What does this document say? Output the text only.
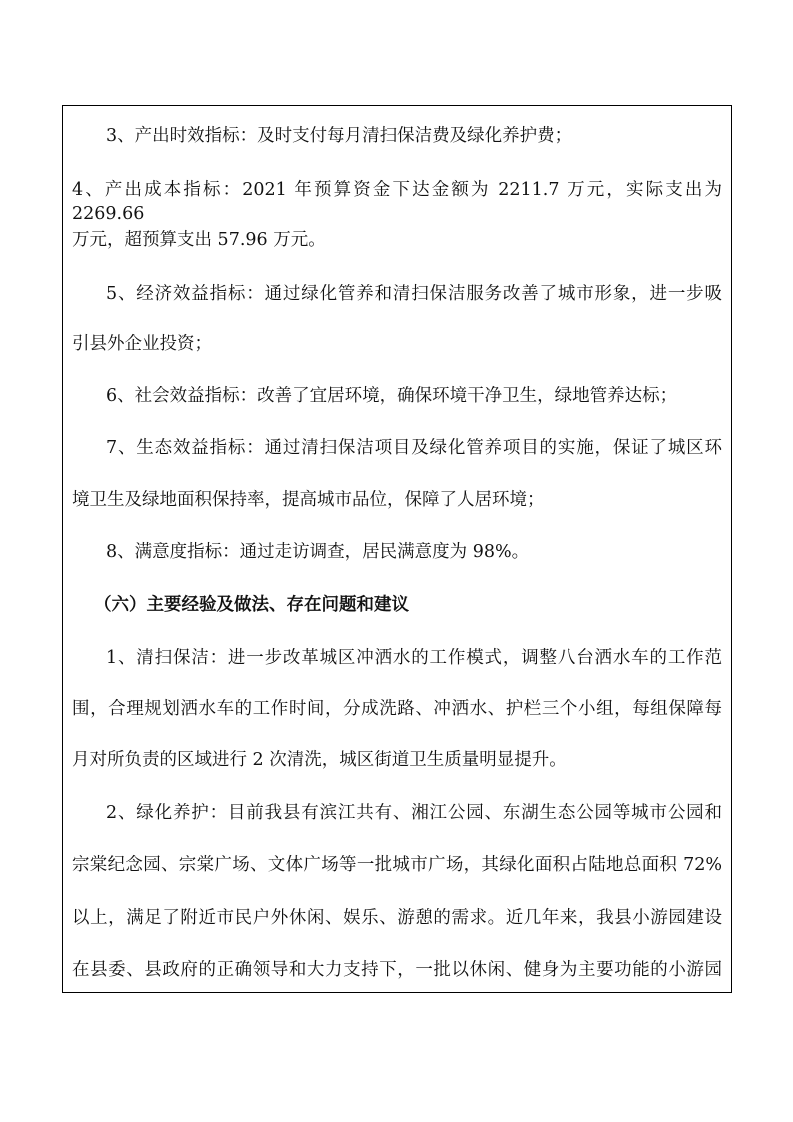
3、产出时效指标：及时支付每月清扫保洁费及绿化养护费；
4、产出成本指标：2021 年预算资金下达金额为 2211.7 万元，实际支出为 2269.66
万元，超预算支出 57.96 万元。
5、经济效益指标：通过绿化管养和清扫保洁服务改善了城市形象，进一步吸
引县外企业投资；
6、社会效益指标：改善了宜居环境，确保环境干净卫生，绿地管养达标；
7、生态效益指标：通过清扫保洁项目及绿化管养项目的实施，保证了城区环
境卫生及绿地面积保持率，提高城市品位，保障了人居环境；
8、满意度指标：通过走访调查，居民满意度为 98%。
（六）主要经验及做法、存在问题和建议
1、清扫保洁：进一步改革城区冲洒水的工作模式，调整八台洒水车的工作范
围，合理规划洒水车的工作时间，分成洗路、冲洒水、护栏三个小组，每组保障每
月对所负责的区域进行 2 次清洗，城区街道卫生质量明显提升。
2、绿化养护：目前我县有滨江共有、湘江公园、东湖生态公园等城市公园和
宗棠纪念园、宗棠广场、文体广场等一批城市广场，其绿化面积占陆地总面积 72%
以上，满足了附近市民户外休闲、娱乐、游憩的需求。近几年来，我县小游园建设
在县委、县政府的正确领导和大力支持下，一批以休闲、健身为主要功能的小游园
